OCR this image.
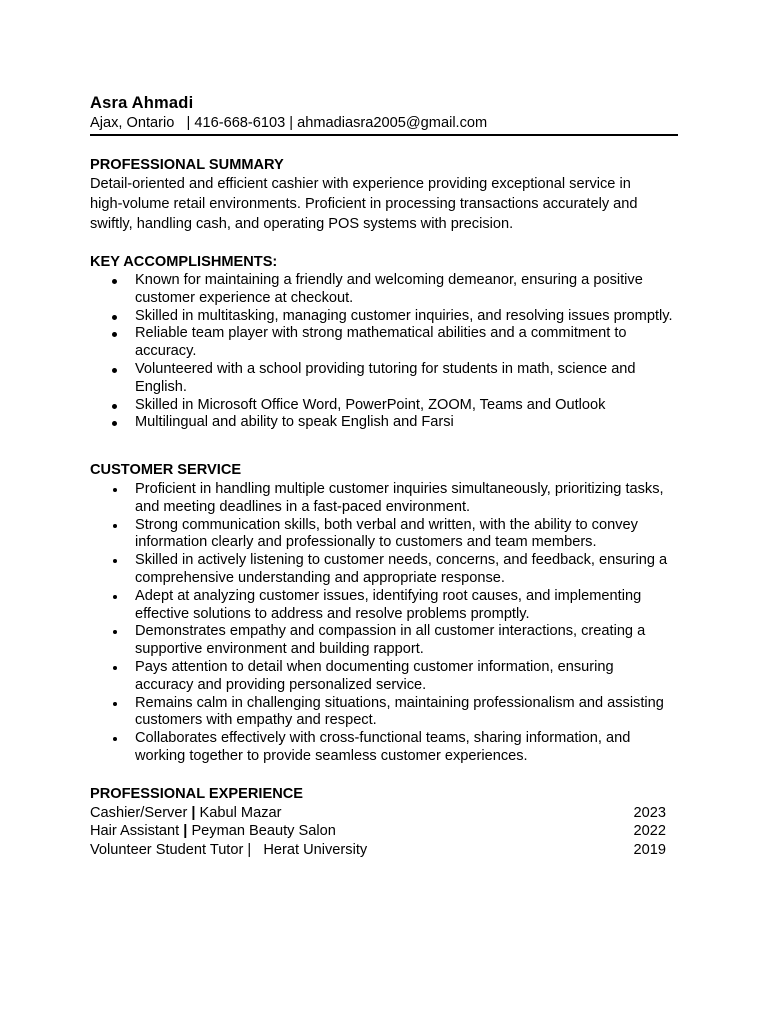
Asra Ahmadi
Ajax, Ontario   | 416-668-6103 | ahmadiasra2005@gmail.com
PROFESSIONAL SUMMARY
Detail-oriented and efficient cashier with experience providing exceptional service in
high-volume retail environments. Proficient in processing transactions accurately and
swiftly, handling cash, and operating POS systems with precision.
KEY ACCOMPLISHMENTS:
Known for maintaining a friendly and welcoming demeanor, ensuring a positive customer experience at checkout.
Skilled in multitasking, managing customer inquiries, and resolving issues promptly.
Reliable team player with strong mathematical abilities and a commitment to accuracy.
Volunteered with a school providing tutoring for students in math, science and English.
Skilled in Microsoft Office Word, PowerPoint, ZOOM, Teams and Outlook
Multilingual and ability to speak English and Farsi
CUSTOMER SERVICE
Proficient in handling multiple customer inquiries simultaneously, prioritizing tasks, and meeting deadlines in a fast-paced environment.
Strong communication skills, both verbal and written, with the ability to convey information clearly and professionally to customers and team members.
Skilled in actively listening to customer needs, concerns, and feedback, ensuring a comprehensive understanding and appropriate response.
Adept at analyzing customer issues, identifying root causes, and implementing effective solutions to address and resolve problems promptly.
Demonstrates empathy and compassion in all customer interactions, creating a supportive environment and building rapport.
Pays attention to detail when documenting customer information, ensuring accuracy and providing personalized service.
Remains calm in challenging situations, maintaining professionalism and assisting customers with empathy and respect.
Collaborates effectively with cross-functional teams, sharing information, and working together to provide seamless customer experiences.
PROFESSIONAL EXPERIENCE
Cashier/Server | Kabul Mazar	2023
Hair Assistant | Peyman Beauty Salon	2022
Volunteer Student Tutor | Herat University	2019
